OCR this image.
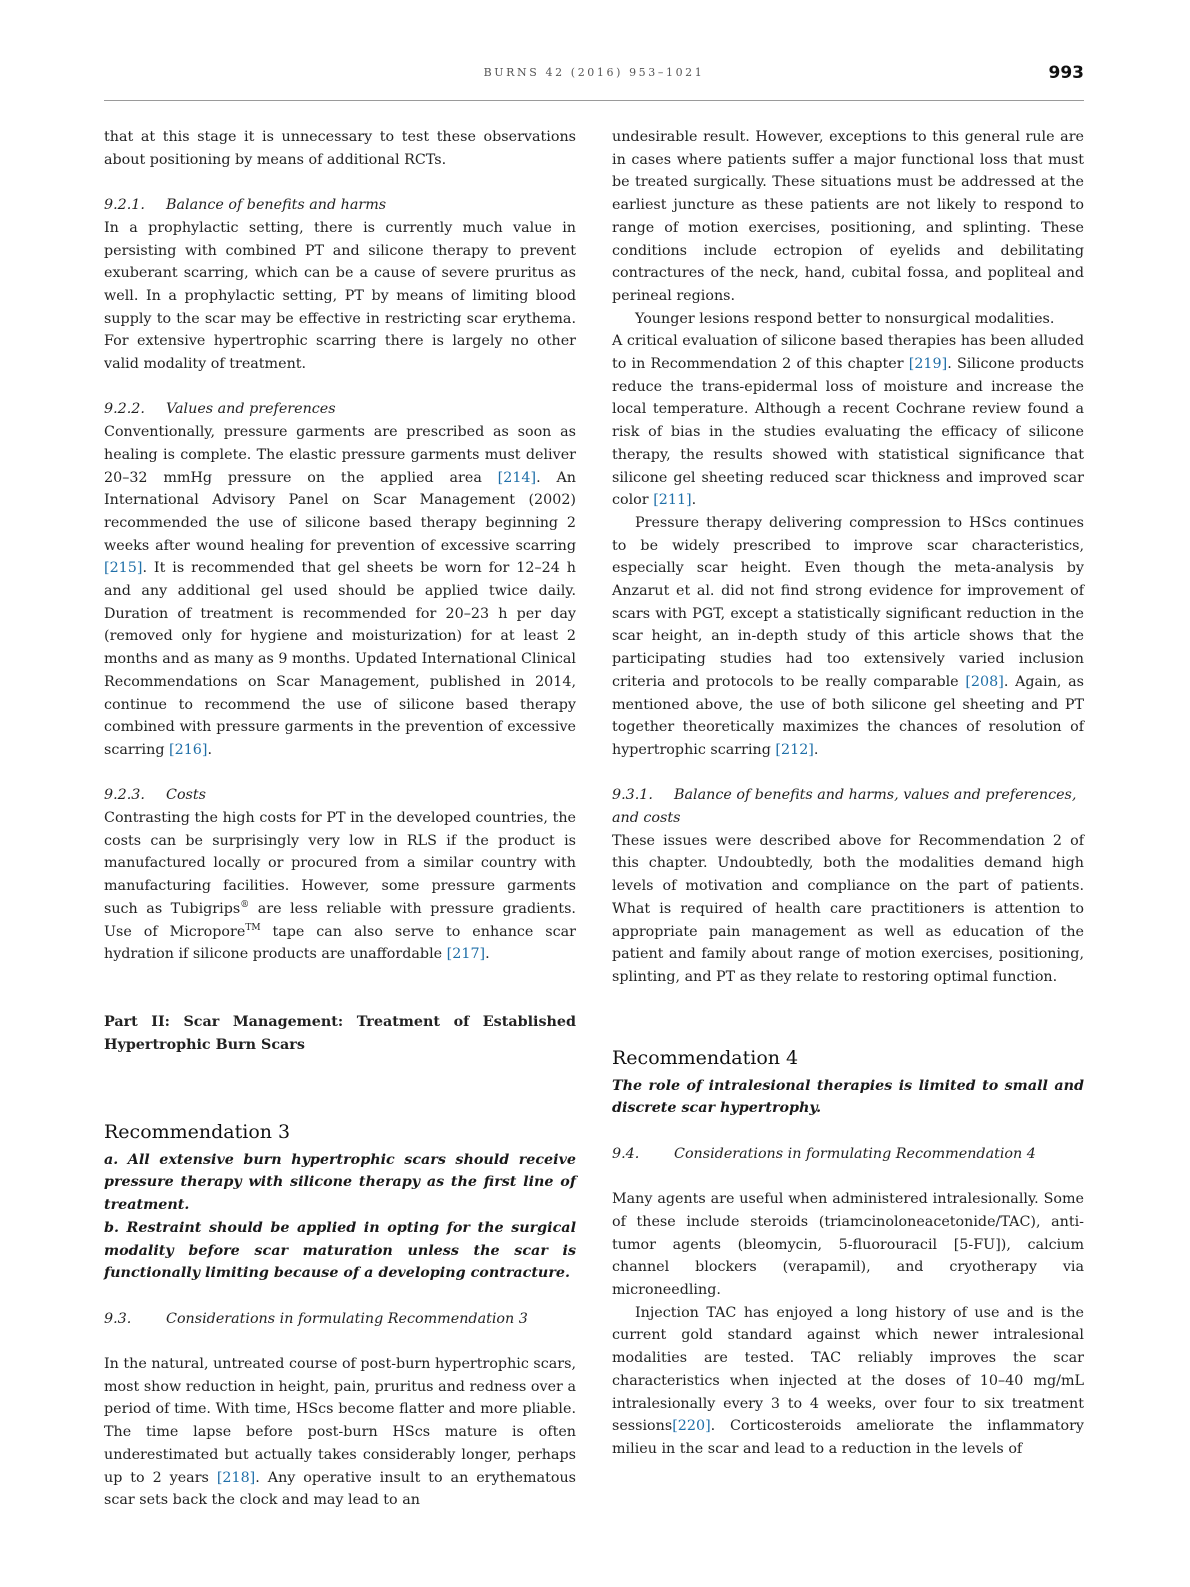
BURNS 42 (2016) 953–1021	993

that at this stage it is unnecessary to test these observations about positioning by means of additional RCTs.

9.2.1. Balance of benefits and harms

In a prophylactic setting, there is currently much value in persisting with combined PT and silicone therapy to prevent exuberant scarring, which can be a cause of severe pruritus as well. In a prophylactic setting, PT by means of limiting blood supply to the scar may be effective in restricting scar erythema. For extensive hypertrophic scarring there is largely no other valid modality of treatment.

9.2.2. Values and preferences

Conventionally, pressure garments are prescribed as soon as healing is complete. The elastic pressure garments must deliver 20–32 mmHg pressure on the applied area [214]. An International Advisory Panel on Scar Management (2002) recommended the use of silicone based therapy beginning 2 weeks after wound healing for prevention of excessive scarring [215]. It is recommended that gel sheets be worn for 12–24 h and any additional gel used should be applied twice daily. Duration of treatment is recommended for 20–23 h per day (removed only for hygiene and moisturization) for at least 2 months and as many as 9 months. Updated International Clinical Recommendations on Scar Management, published in 2014, continue to recommend the use of silicone based therapy combined with pressure garments in the prevention of excessive scarring [216].

9.2.3. Costs

Contrasting the high costs for PT in the developed countries, the costs can be surprisingly very low in RLS if the product is manufactured locally or procured from a similar country with manufacturing facilities. However, some pressure garments such as Tubigrips® are less reliable with pressure gradients. Use of Micropore™ tape can also serve to enhance scar hydration if silicone products are unaffordable [217].

Part II: Scar Management: Treatment of Established Hypertrophic Burn Scars

Recommendation 3

a. All extensive burn hypertrophic scars should receive pressure therapy with silicone therapy as the first line of treatment.

b. Restraint should be applied in opting for the surgical modality before scar maturation unless the scar is functionally limiting because of a developing contracture.

9.3. Considerations in formulating Recommendation 3

In the natural, untreated course of post-burn hypertrophic scars, most show reduction in height, pain, pruritus and redness over a period of time. With time, HScs become flatter and more pliable. The time lapse before post-burn HScs mature is often underestimated but actually takes considerably longer, perhaps up to 2 years [218]. Any operative insult to an erythematous scar sets back the clock and may lead to an

undesirable result. However, exceptions to this general rule are in cases where patients suffer a major functional loss that must be treated surgically. These situations must be addressed at the earliest juncture as these patients are not likely to respond to range of motion exercises, positioning, and splinting. These conditions include ectropion of eyelids and debilitating contractures of the neck, hand, cubital fossa, and popliteal and perineal regions.

Younger lesions respond better to nonsurgical modalities.

A critical evaluation of silicone based therapies has been alluded to in Recommendation 2 of this chapter [219]. Silicone products reduce the trans-epidermal loss of moisture and increase the local temperature. Although a recent Cochrane review found a risk of bias in the studies evaluating the efficacy of silicone therapy, the results showed with statistical significance that silicone gel sheeting reduced scar thickness and improved scar color [211].

Pressure therapy delivering compression to HScs continues to be widely prescribed to improve scar characteristics, especially scar height. Even though the meta-analysis by Anzarut et al. did not find strong evidence for improvement of scars with PGT, except a statistically significant reduction in the scar height, an in-depth study of this article shows that the participating studies had too extensively varied inclusion criteria and protocols to be really comparable [208]. Again, as mentioned above, the use of both silicone gel sheeting and PT together theoretically maximizes the chances of resolution of hypertrophic scarring [212].

9.3.1. Balance of benefits and harms, values and preferences, and costs

These issues were described above for Recommendation 2 of this chapter. Undoubtedly, both the modalities demand high levels of motivation and compliance on the part of patients. What is required of health care practitioners is attention to appropriate pain management as well as education of the patient and family about range of motion exercises, positioning, splinting, and PT as they relate to restoring optimal function.

Recommendation 4

The role of intralesional therapies is limited to small and discrete scar hypertrophy.

9.4. Considerations in formulating Recommendation 4

Many agents are useful when administered intralesionally. Some of these include steroids (triamcinoloneacetonide/TAC), anti-tumor agents (bleomycin, 5-fluorouracil [5-FU]), calcium channel blockers (verapamil), and cryotherapy via microneedling.

Injection TAC has enjoyed a long history of use and is the current gold standard against which newer intralesional modalities are tested. TAC reliably improves the scar characteristics when injected at the doses of 10–40 mg/mL intralesionally every 3 to 4 weeks, over four to six treatment sessions[220]. Corticosteroids ameliorate the inflammatory milieu in the scar and lead to a reduction in the levels of
